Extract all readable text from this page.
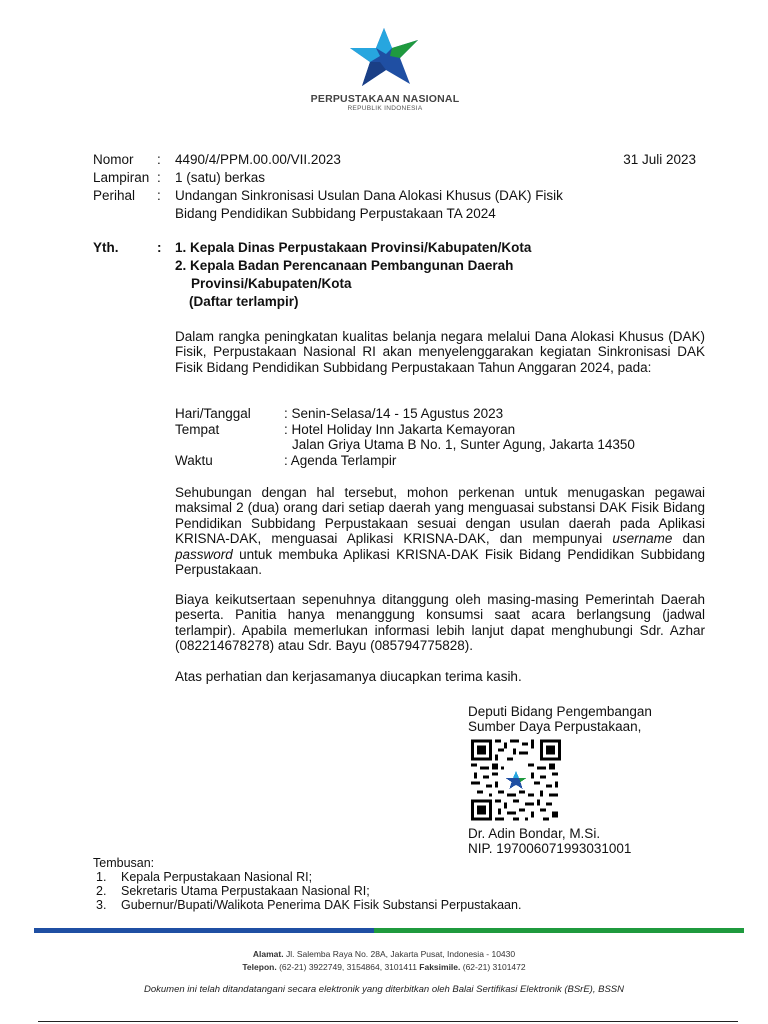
PERPUSTAKAAN NASIONAL
REPUBLIK INDONESIA
Nomor : 4490/4/PPM.00.00/VII.2023	31 Juli 2023
Lampiran : 1 (satu) berkas
Perihal : Undangan Sinkronisasi Usulan Dana Alokasi Khusus (DAK) Fisik
Bidang Pendidikan Subbidang Perpustakaan TA 2024
Yth.	: 1. Kepala Dinas Perpustakaan Provinsi/Kabupaten/Kota
2. Kepala Badan Perencanaan Pembangunan Daerah
Provinsi/Kabupaten/Kota
(Daftar terlampir)
Dalam rangka peningkatan kualitas belanja negara melalui Dana Alokasi Khusus (DAK) Fisik, Perpustakaan Nasional RI akan menyelenggarakan kegiatan Sinkronisasi DAK Fisik Bidang Pendidikan Subbidang Perpustakaan Tahun Anggaran 2024, pada:
Hari/Tanggal : Senin-Selasa/14 - 15 Agustus 2023
Tempat	: Hotel Holiday Inn Jakarta Kemayoran
Jalan Griya Utama B No. 1, Sunter Agung, Jakarta 14350
Waktu	: Agenda Terlampir
Sehubungan dengan hal tersebut, mohon perkenan untuk menugaskan pegawai maksimal 2 (dua) orang dari setiap daerah yang menguasai substansi DAK Fisik Bidang Pendidikan Subbidang Perpustakaan sesuai dengan usulan daerah pada Aplikasi KRISNA-DAK, menguasai Aplikasi KRISNA-DAK, dan mempunyai username dan password untuk membuka Aplikasi KRISNA-DAK Fisik Bidang Pendidikan Subbidang Perpustakaan.
Biaya keikutsertaan sepenuhnya ditanggung oleh masing-masing Pemerintah Daerah peserta. Panitia hanya menanggung konsumsi saat acara berlangsung (jadwal terlampir). Apabila memerlukan informasi lebih lanjut dapat menghubungi Sdr. Azhar (082214678278) atau Sdr. Bayu (085794775828).
Atas perhatian dan kerjasamanya diucapkan terima kasih.
Deputi Bidang Pengembangan
Sumber Daya Perpustakaan,
Dr. Adin Bondar, M.Si.
NIP. 197006071993031001
Tembusan:
1. Kepala Perpustakaan Nasional RI;
2. Sekretaris Utama Perpustakaan Nasional RI;
3. Gubernur/Bupati/Walikota Penerima DAK Fisik Substansi Perpustakaan.
Alamat. Jl. Salemba Raya No. 28A, Jakarta Pusat, Indonesia - 10430
Telepon. (62-21) 3922749, 3154864, 3101411 Faksimile. (62-21) 3101472
Dokumen ini telah ditandatangani secara elektronik yang diterbitkan oleh Balai Sertifikasi Elektronik (BSrE), BSSN
